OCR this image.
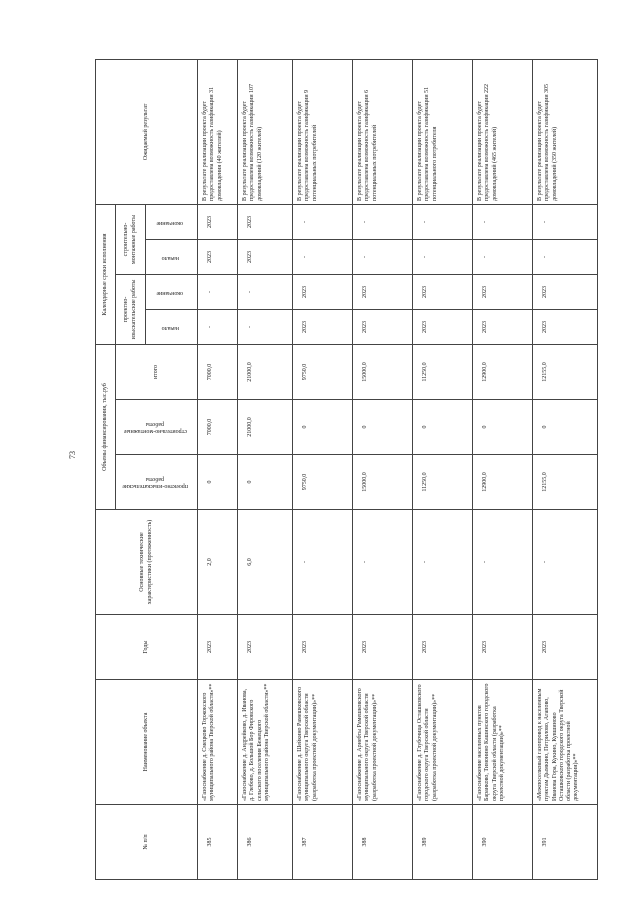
73
№ п/п	Наименование объекта	Годы	Основные технические характеристики (протяженность)	Объемы финансирования, тыс.руб			Календарные сроки исполнения				Ожидаемый результат
				проектно-изыскательские работы	строительно-монтажные работы	итого	проектно-изыскательские работы		строительно-монтажные работы		
							начало	окончание	начало	окончание	
385	«Газоснабжение д. Смецково Торжокского муниципального района Тверской области»**	2023	2,0	0	7000,0	7000,0	-	-	2023	2023	В результате реализации проекта будет предоставлена возможность газификации 31 домовладения (40 жителей)
386	«Газоснабжение д. Андрейково, д. Иванова, д. Глебово, д. Большой Бор Фировского сельского поселения Бежецкого муниципального района Тверской области»**	2023	6,0	0	21000,0	21000,0	-	-	2023	2023	В результате реализации проекта будет предоставлена возможность газификации 107 домовладений (120 жителей)
387	«Газоснабжение д. Шейкино Рамешковского муниципального округа Тверской области (разработка проектной документации)»**	2023	-	9750,0	0	9750,0	2023	2023	-	-	В результате реализации проекта будет предоставлена возможность газификации 9 потенциальных потребителей
388	«Газоснабжение д. Арнебты Рамешковского муниципального округа Тверской области (разработка проектной документации)»**	2023	-	15000,0	0	15000,0	2023	2023	-	-	В результате реализации проекта будет предоставлена возможность газификации 6 потенциальных потребителей
389	«Газоснабжение д. Глубочица Осташковского городского округа Тверской области (разработка проектной документации)»**	2023	-	11250,0	0	11250,0	2023	2023	-	-	В результате реализации проекта будет предоставлена возможность газификации 51 потенциального потребителя
390	«Газоснабжение населенных пунктов Баранково, Тимонино Кашинского городского округа Тверской области (разработка проектной документации)»**	2023	-	12900,0	0	12900,0	2023	2023	-	-	В результате реализации проекта будет предоставлена возможность газификации 222 домовладений (465 жителей)
391	«Межпоселковый газопровод к населенным пунктам Дымкино, Петрилово, Агапово, Иванова Гора, Кукино, Кувшиново Осташковского городского округа Тверской области (разработка проектной документации)»**	2023	-	12155,0	0	12155,0	2023	2023	-	-	В результате реализации проекта будет предоставлена возможность газификации 305 домовладений (350 жителей)
